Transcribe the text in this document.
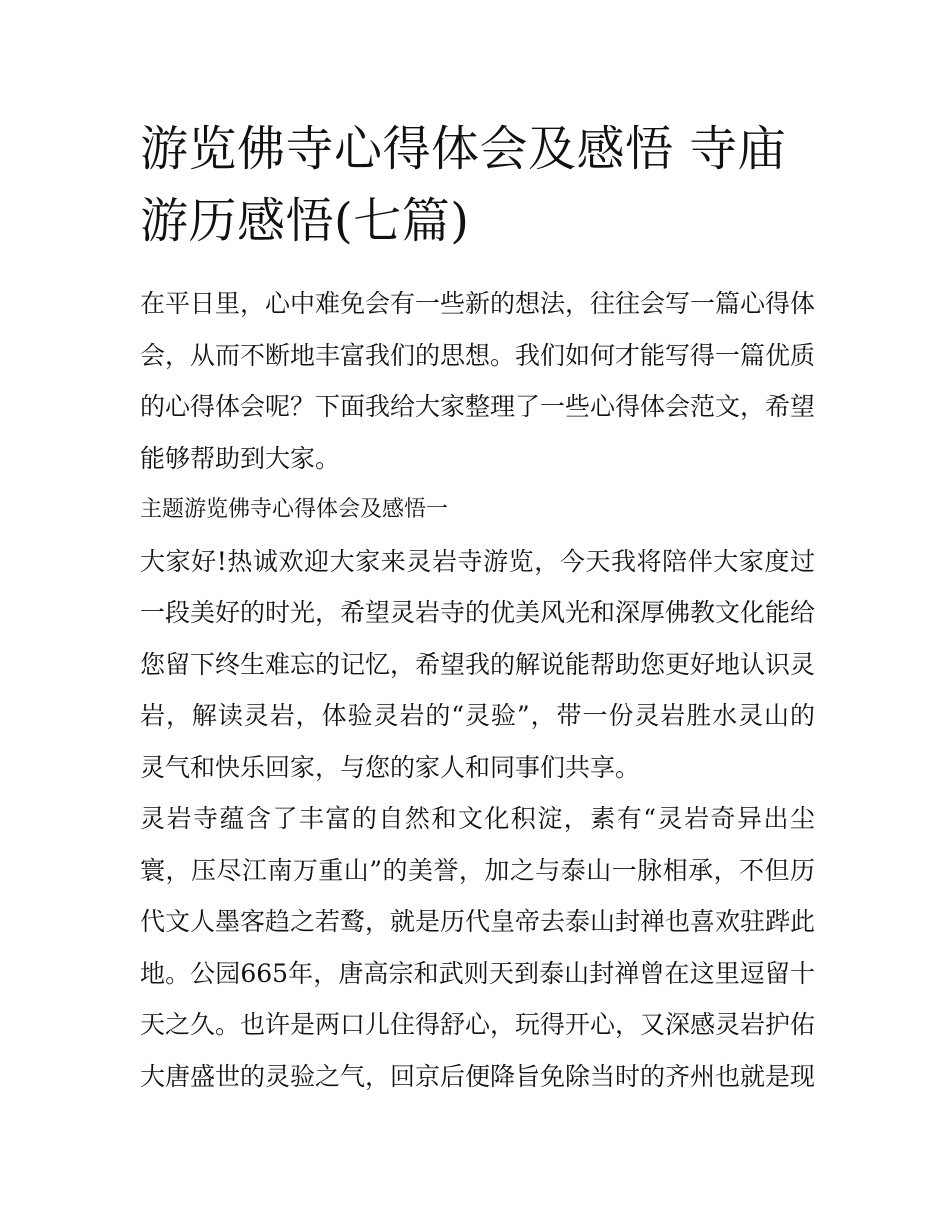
游览佛寺心得体会及感悟 寺庙游历感悟(七篇)

在平日里，心中难免会有一些新的想法，往往会写一篇心得体会，从而不断地丰富我们的思想。我们如何才能写得一篇优质的心得体会呢？下面我给大家整理了一些心得体会范文，希望能够帮助到大家。

主题游览佛寺心得体会及感悟一

大家好!热诚欢迎大家来灵岩寺游览，今天我将陪伴大家度过一段美好的时光，希望灵岩寺的优美风光和深厚佛教文化能给您留下终生难忘的记忆，希望我的解说能帮助您更好地认识灵岩，解读灵岩，体验灵岩的“灵验”，带一份灵岩胜水灵山的灵气和快乐回家，与您的家人和同事们共享。

灵岩寺蕴含了丰富的自然和文化积淀，素有“灵岩奇异出尘寰，压尽江南万重山”的美誉，加之与泰山一脉相承，不但历代文人墨客趋之若鹜，就是历代皇帝去泰山封禅也喜欢驻跸此地。公园665年，唐高宗和武则天到泰山封禅曾在这里逗留十天之久。也许是两口儿住得舒心，玩得开心，又深感灵岩护佑大唐盛世的灵验之气，回京后便降旨免除当时的齐州也就是现
